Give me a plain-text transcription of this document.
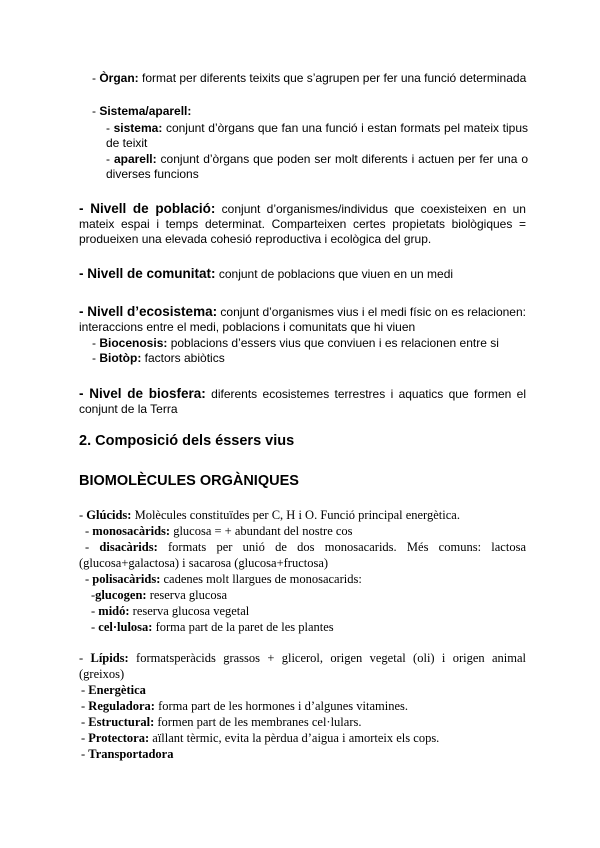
- Òrgan: format per diferents teixits que s’agrupen per fer una funció determinada

- Sistema/aparell:

- sistema: conjunt d’òrgans que fan una funció i estan formats pel mateix tipus de teixit

- aparell: conjunt d’òrgans que poden ser molt diferents i actuen per fer una o diverses funcions

- Nivell de població: conjunt d’organismes/individus que coexisteixen en un mateix espai i temps determinat. Comparteixen certes propietats biològiques = produeixen una elevada cohesió reproductiva i ecològica del grup.

- Nivell de comunitat: conjunt de poblacions que viuen en un medi

- Nivell d’ecosistema: conjunt d’organismes vius i el medi físic on es relacionen: interaccions entre el medi, poblacions i comunitats que hi viuen

- Biocenosis: poblacions d’essers vius que conviuen i es relacionen entre si

- Biotòp: factors abiòtics

- Nivel de biosfera: diferents ecosistemes terrestres i aquatics que formen el conjunt de la Terra

2. Composició dels éssers vius

BIOMOLÈCULES ORGÀNIQUES

- Glúcids: Molècules constituïdes per C, H i O. Funció principal energètica.

- monosacàrids: glucosa = + abundant del nostre cos

- disacàrids: formats per unió de dos monosacarids. Més comuns: lactosa (glucosa+galactosa) i sacarosa (glucosa+fructosa)

- polisacàrids: cadenes molt llargues de monosacarids:

-glucogen: reserva glucosa

- midó: reserva glucosa vegetal

- cel·lulosa: forma part de la paret de les plantes

- Lípids: formatsperàcids grassos + glicerol, origen vegetal (oli) i origen animal (greixos)

- Energètica

- Reguladora: forma part de les hormones i d’algunes vitamines.

- Estructural: formen part de les membranes cel·lulars.

- Protectora: aïllant tèrmic, evita la pèrdua d’aigua i amorteix els cops.

- Transportadora
